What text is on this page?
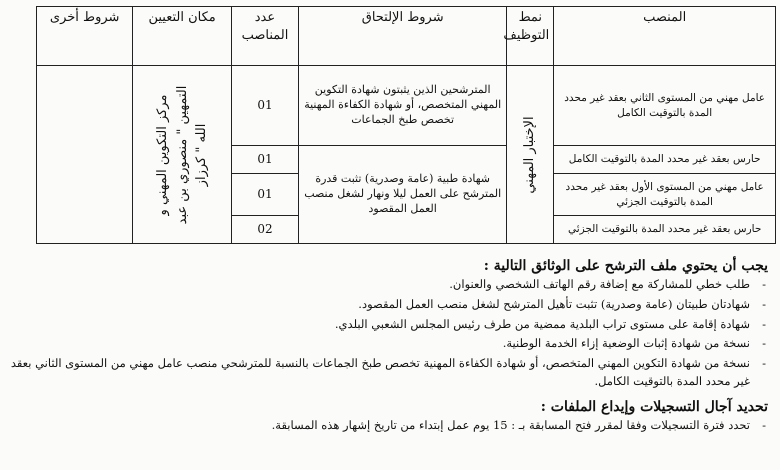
المنصب	نمط التوظيف	شروط الإلتحاق	عدد المناصب	مكان التعيين	شروط أخرى
عامل مهني من المستوى الثاني بعقد غير محدد المدة بالتوقيت الكامل	الإختبار المهني	المترشحين الذين يثبتون شهادة التكوين المهني المتخصص، أو شهادة الكفاءة المهنية تخصص طبخ الجماعات	01	مركز التكوين المهني و التمهين " منصوري بن عبد الله " كرزاز	

حارس بعقد غير محدد المدة بالتوقيت الكامل		شهادة طبية (عامة وصدرية) تثبت قدرة المترشح على العمل ليلا ونهار لشغل منصب العمل المقصود	01		
عامل مهني من المستوى الأول بعقد غير محدد المدة بالتوقيت الجزئي			01		
حارس بعقد غير محدد المدة بالتوقيت الجزئي			02		
يجب أن يحتوي ملف الترشح على الوثائق التالية :
-
طلب خطي للمشاركة مع إضافة رقم الهاتف الشخصي والعنوان.
-
شهادتان طبيتان (عامة وصدرية) تثبت تأهيل المترشح لشغل منصب العمل المقصود.
-
شهادة إقامة على مستوى تراب البلدية ممضية من طرف رئيس المجلس الشعبي البلدي.
-
نسخة من شهادة إثبات الوضعية إزاء الخدمة الوطنية.
-
نسخة من شهادة التكوين المهني المتخصص، أو شهادة الكفاءة المهنية تخصص طبخ الجماعات بالنسبة للمترشحي منصب عامل مهني من المستوى الثاني بعقد غير محدد المدة بالتوقيت الكامل.
تحديد آجال التسجيلات وإيداع الملفات :
-
تحدد فترة التسجيلات وفقا لمقرر فتح المسابقة بـ : 15 يوم عمل إبتداء من تاريخ إشهار هذه المسابقة.
